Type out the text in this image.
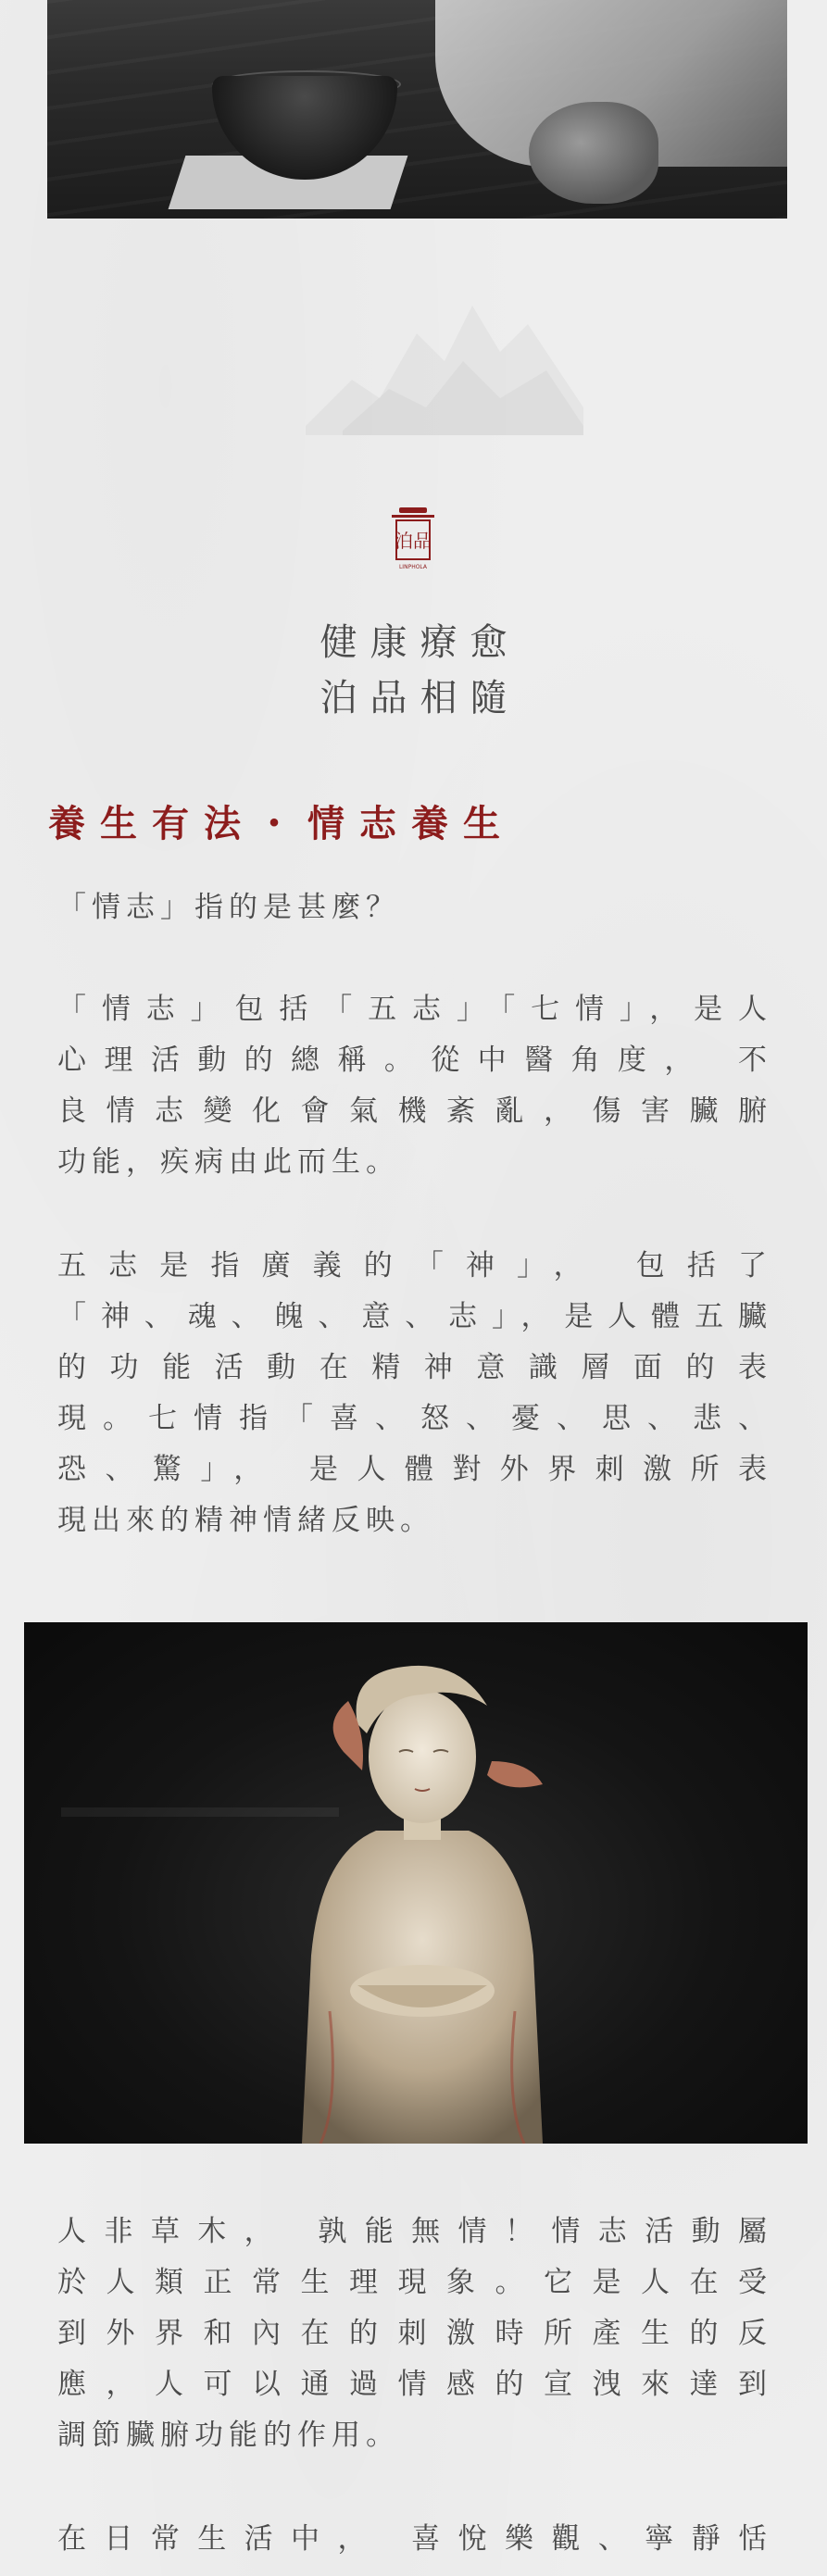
泊品
LINPHOLA

健康療愈

泊品相隨

養生有法・情志養生

「情志」指的是甚麼？

「情志」包括「五志」「七情」，是人
心理活動的總稱。從中醫角度， 不
良情志變化會氣機紊亂，傷害臟腑
功能，疾病由此而生。
五志是指廣義的「神」， 包括了
「神、魂、魄、意、志」，是人體五臟
的功能活動在精神意識層面的表
現。七情指「喜、怒、憂、思、悲、
恐、驚」， 是人體對外界刺激所表
現出來的精神情緒反映。
人非草木， 孰能無情！情志活動屬
於人類正常生理現象。它是人在受
到外界和內在的刺激時所產生的反
應，人可以通過情感的宣洩來達到
調節臟腑功能的作用。
在日常生活中， 喜悅樂觀、寧靜恬
